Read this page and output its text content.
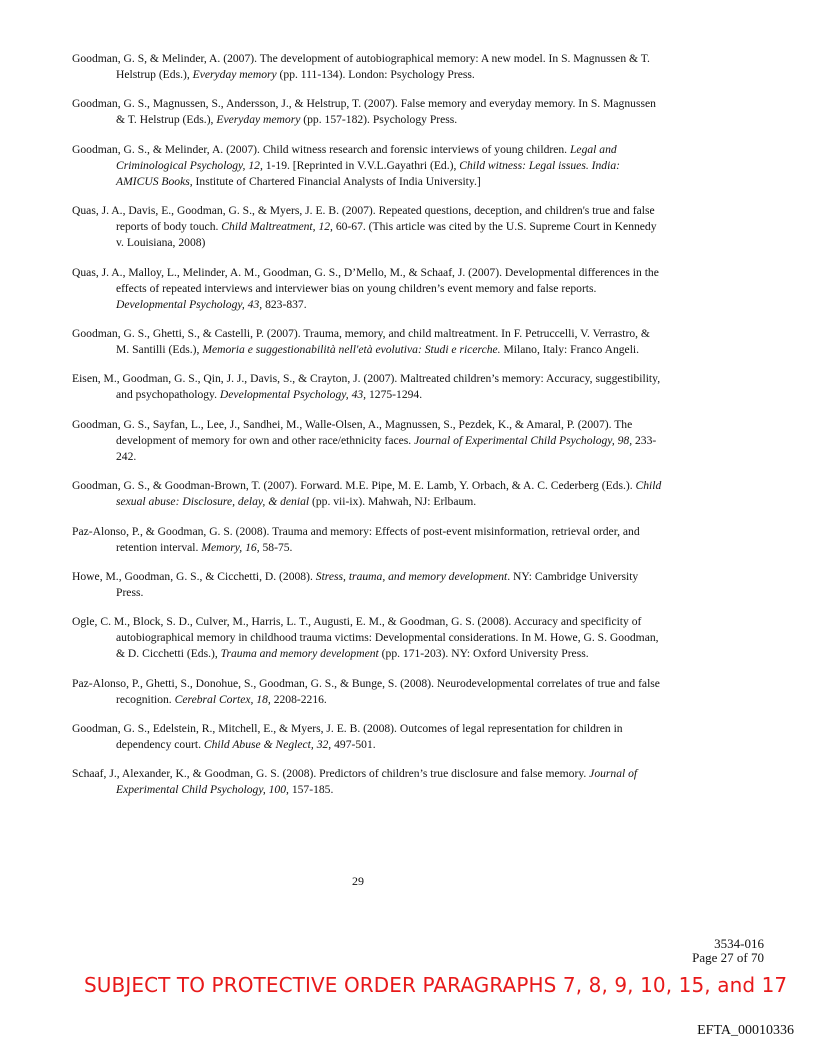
Goodman, G. S, & Melinder, A. (2007). The development of autobiographical memory: A new model. In S. Magnussen & T. Helstrup (Eds.), Everyday memory (pp. 111-134). London: Psychology Press.

Goodman, G. S., Magnussen, S., Andersson, J., & Helstrup, T. (2007). False memory and everyday memory. In S. Magnussen & T. Helstrup (Eds.), Everyday memory (pp. 157-182). Psychology Press.

Goodman, G. S., & Melinder, A. (2007). Child witness research and forensic interviews of young children. Legal and Criminological Psychology, 12, 1-19. [Reprinted in V.V.L.Gayathri (Ed.), Child witness: Legal issues. India: AMICUS Books, Institute of Chartered Financial Analysts of India University.]

Quas, J. A., Davis, E., Goodman, G. S., & Myers, J. E. B. (2007). Repeated questions, deception, and children's true and false reports of body touch. Child Maltreatment, 12, 60-67. (This article was cited by the U.S. Supreme Court in Kennedy v. Louisiana, 2008)

Quas, J. A., Malloy, L., Melinder, A. M., Goodman, G. S., D’Mello, M., & Schaaf, J. (2007). Developmental differences in the effects of repeated interviews and interviewer bias on young children’s event memory and false reports. Developmental Psychology, 43, 823-837.

Goodman, G. S., Ghetti, S., & Castelli, P. (2007). Trauma, memory, and child maltreatment. In F. Petruccelli, V. Verrastro, & M. Santilli (Eds.), Memoria e suggestionabilità nell'età evolutiva: Studi e ricerche. Milano, Italy: Franco Angeli.

Eisen, M., Goodman, G. S., Qin, J. J., Davis, S., & Crayton, J. (2007). Maltreated children’s memory: Accuracy, suggestibility, and psychopathology. Developmental Psychology, 43, 1275-1294.

Goodman, G. S., Sayfan, L., Lee, J., Sandhei, M., Walle-Olsen, A., Magnussen, S., Pezdek, K., & Amaral, P. (2007). The development of memory for own and other race/ethnicity faces. Journal of Experimental Child Psychology, 98, 233-242.

Goodman, G. S., & Goodman-Brown, T. (2007). Forward. M.E. Pipe, M. E. Lamb, Y. Orbach, & A. C. Cederberg (Eds.). Child sexual abuse: Disclosure, delay, & denial (pp. vii-ix). Mahwah, NJ: Erlbaum.

Paz-Alonso, P., & Goodman, G. S. (2008). Trauma and memory: Effects of post-event misinformation, retrieval order, and retention interval. Memory, 16, 58-75.

Howe, M., Goodman, G. S., & Cicchetti, D. (2008). Stress, trauma, and memory development. NY: Cambridge University Press.

Ogle, C. M., Block, S. D., Culver, M., Harris, L. T., Augusti, E. M., & Goodman, G. S. (2008). Accuracy and specificity of autobiographical memory in childhood trauma victims: Developmental considerations. In M. Howe, G. S. Goodman, & D. Cicchetti (Eds.), Trauma and memory development (pp. 171-203). NY: Oxford University Press.

Paz-Alonso, P., Ghetti, S., Donohue, S., Goodman, G. S., & Bunge, S. (2008). Neurodevelopmental correlates of true and false recognition. Cerebral Cortex, 18, 2208-2216.

Goodman, G. S., Edelstein, R., Mitchell, E., & Myers, J. E. B. (2008). Outcomes of legal representation for children in dependency court. Child Abuse & Neglect, 32, 497-501.

Schaaf, J., Alexander, K., & Goodman, G. S. (2008). Predictors of children’s true disclosure and false memory. Journal of Experimental Child Psychology, 100, 157-185.

29
3534-016
Page 27 of 70
SUBJECT TO PROTECTIVE ORDER PARAGRAPHS 7, 8, 9, 10, 15, and 17
EFTA_00010336
